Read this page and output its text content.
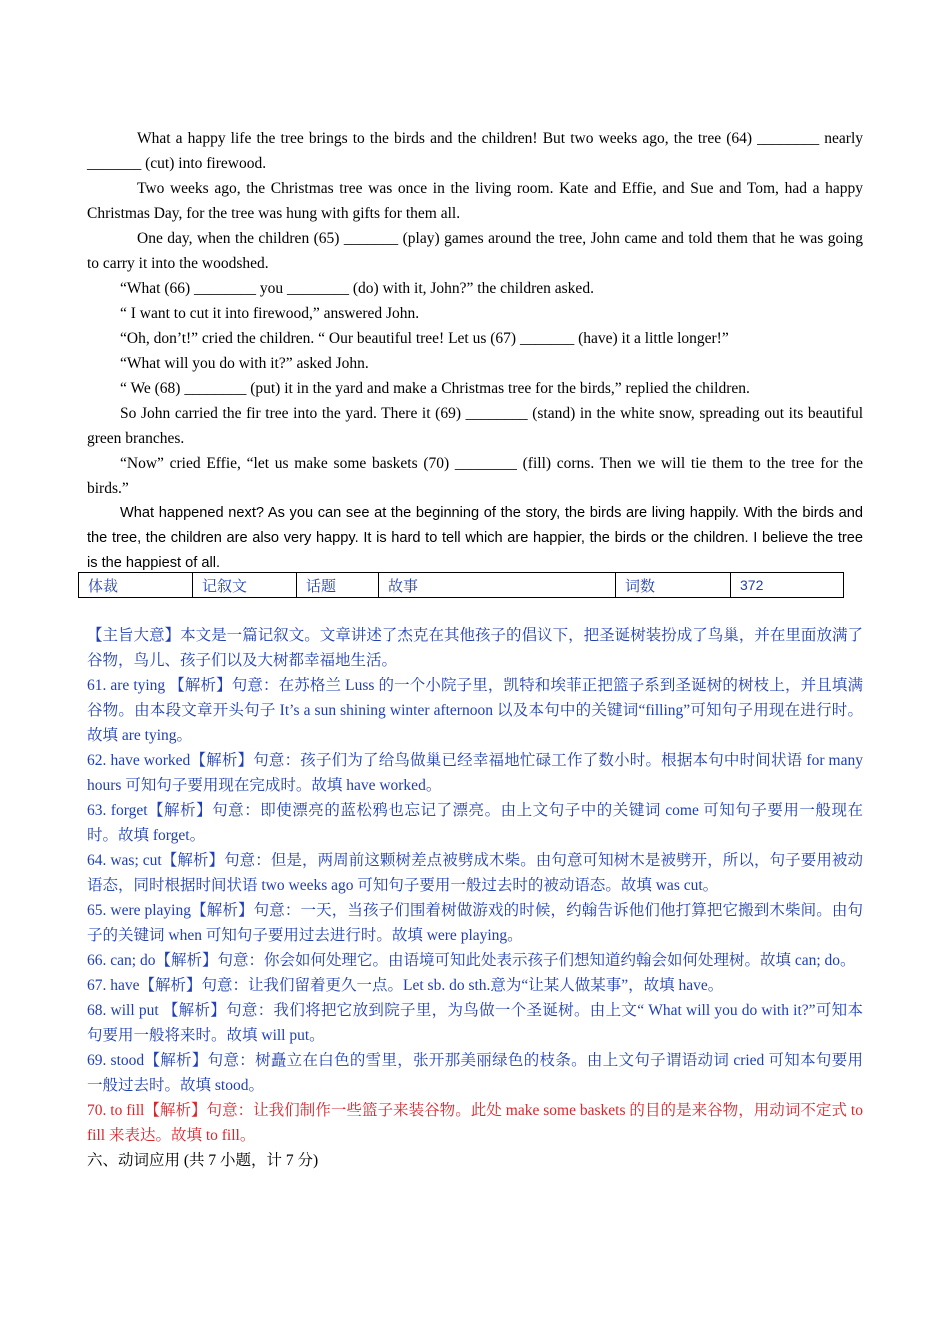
What a happy life the tree brings to the birds and the children! But two weeks ago, the tree (64) ________ nearly _______ (cut) into firewood.

Two weeks ago, the Christmas tree was once in the living room. Kate and Effie, and Sue and Tom, had a happy Christmas Day, for the tree was hung with gifts for them all.

One day, when the children (65) _______ (play) games around the tree, John came and told them that he was going to carry it into the woodshed.

“What (66) ________ you ________ (do) with it, John?” the children asked.

“ I want to cut it into firewood,” answered John.

“Oh, don’t!” cried the children. “ Our beautiful tree! Let us (67) _______ (have) it a little longer!”

“What will you do with it?” asked John.

“ We (68) ________ (put) it in the yard and make a Christmas tree for the birds,” replied the children.

So John carried the fir tree into the yard. There it (69) ________ (stand) in the white snow, spreading out its beautiful green branches.

“Now” cried Effie, “let us make some baskets (70) ________ (fill) corns. Then we will tie them to the tree for the birds.”

What happened next? As you can see at the beginning of the story, the birds are living happily. With the birds and the tree, the children are also very happy. It is hard to tell which are happier, the birds or the children. I believe the tree is the happiest of all.

体裁	记叙文	话题	故事	词数	372

【主旨大意】本文是一篇记叙文。文章讲述了杰克在其他孩子的倡议下，把圣诞树装扮成了鸟巢，并在里面放满了谷物，鸟儿、孩子们以及大树都幸福地生活。

61. are tying 【解析】句意：在苏格兰 Luss 的一个小院子里，凯特和埃菲正把篮子系到圣诞树的树枝上，并且填满谷物。由本段文章开头句子 It’s a sun shining winter afternoon 以及本句中的关键词“filling”可知句子用现在进行时。故填 are tying。

62. have worked【解析】句意：孩子们为了给鸟做巢已经幸福地忙碌工作了数小时。根据本句中时间状语 for many hours 可知句子要用现在完成时。故填 have worked。

63. forget【解析】句意：即使漂亮的蓝松鸦也忘记了漂亮。由上文句子中的关键词 come 可知句子要用一般现在时。故填 forget。

64. was; cut【解析】句意：但是，两周前这颗树差点被劈成木柴。由句意可知树木是被劈开，所以，句子要用被动语态，同时根据时间状语 two weeks ago 可知句子要用一般过去时的被动语态。故填 was cut。

65. were playing【解析】句意：一天，当孩子们围着树做游戏的时候，约翰告诉他们他打算把它搬到木柴间。由句子的关键词 when 可知句子要用过去进行时。故填 were playing。

66. can; do【解析】句意：你会如何处理它。由语境可知此处表示孩子们想知道约翰会如何处理树。故填 can; do。

67. have【解析】句意：让我们留着更久一点。Let sb. do sth.意为“让某人做某事”，故填 have。

68. will put 【解析】句意：我们将把它放到院子里，为鸟做一个圣诞树。由上文“ What will you do with it?”可知本句要用一般将来时。故填 will put。

69. stood【解析】句意：树矗立在白色的雪里，张开那美丽绿色的枝条。由上文句子谓语动词 cried 可知本句要用一般过去时。故填 stood。

70. to fill【解析】句意：让我们制作一些篮子来装谷物。此处 make some baskets 的目的是来谷物，用动词不定式 to fill 来表达。故填 to fill。

六、动词应用 (共 7 小题，计 7 分)
